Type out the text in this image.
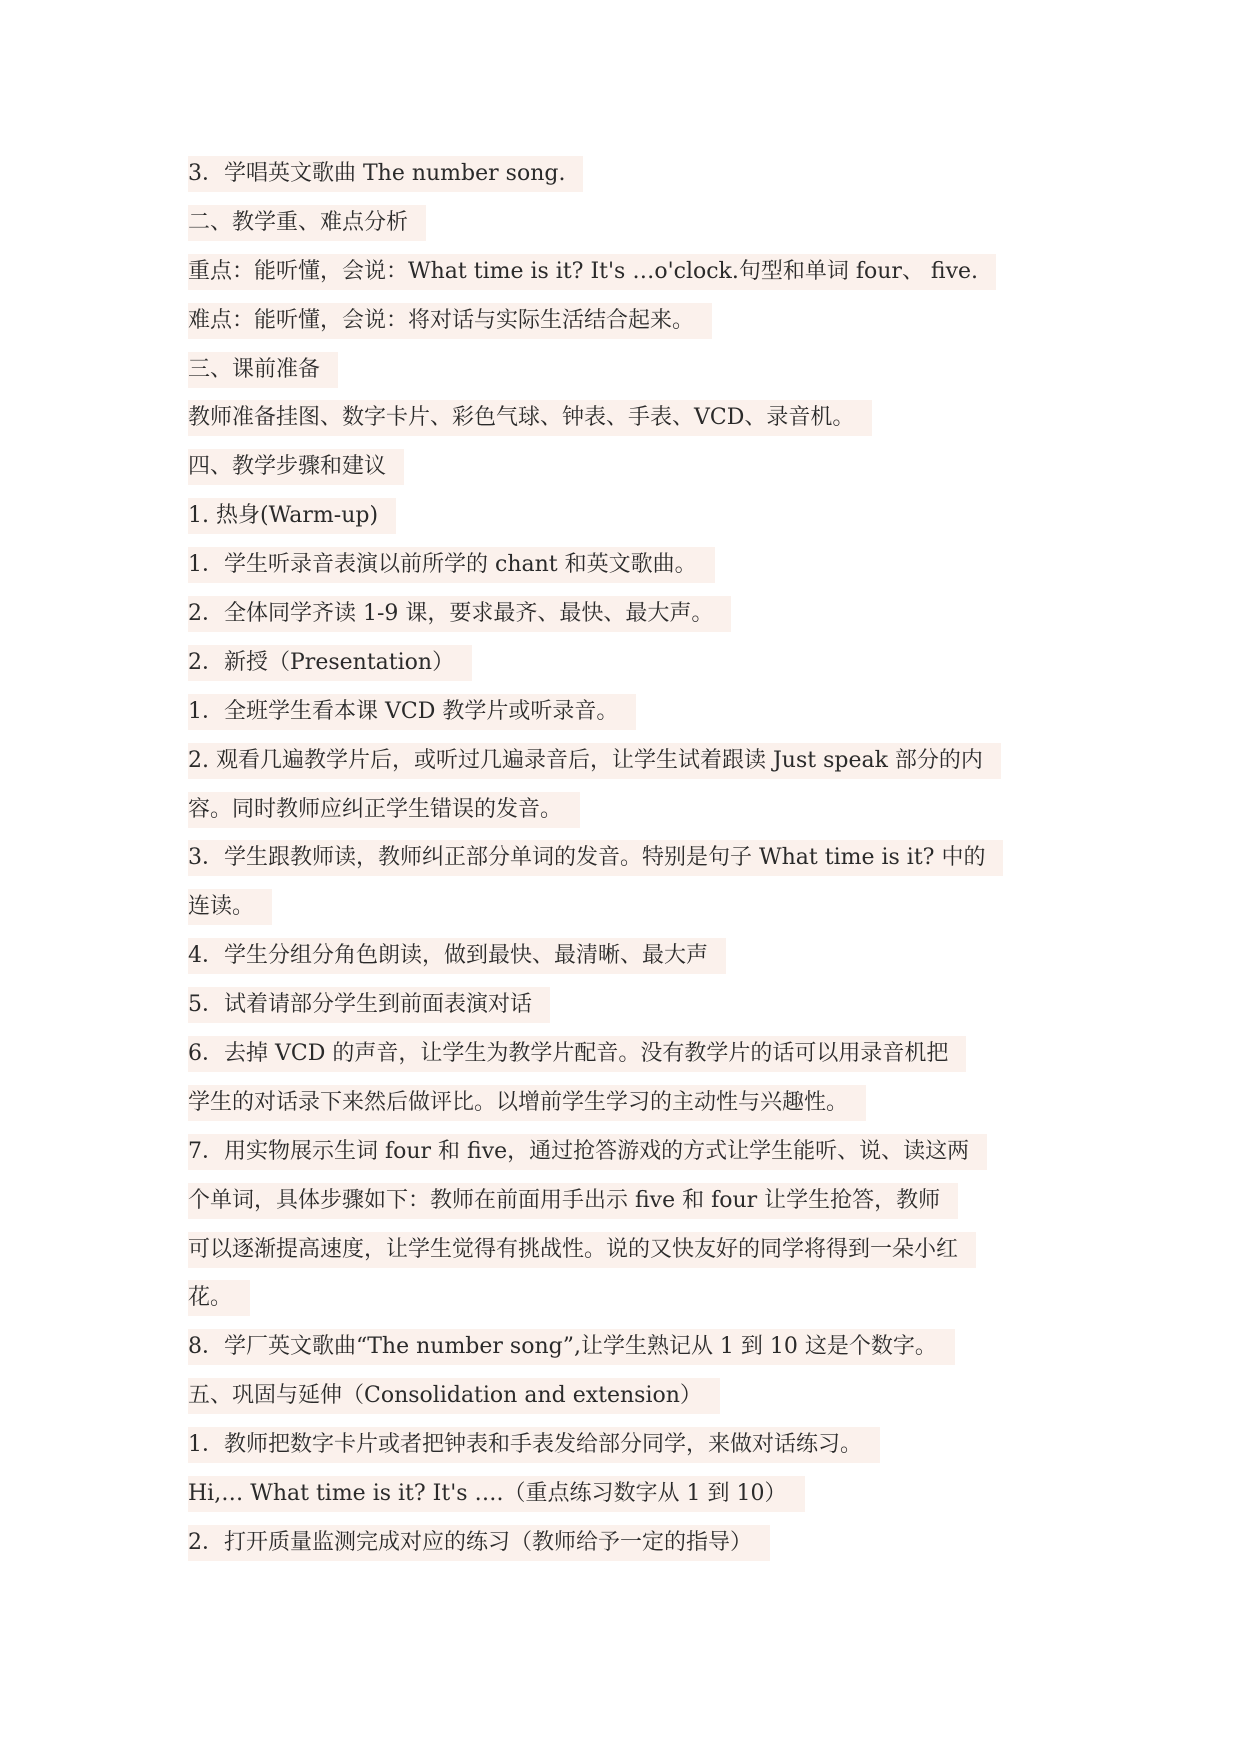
3．学唱英文歌曲 The number song.
二、教学重、难点分析
重点：能听懂，会说：What time is it? It's …o'clock.句型和单词 four、 five.
难点：能听懂，会说：将对话与实际生活结合起来。
三、课前准备
教师准备挂图、数字卡片、彩色气球、钟表、手表、VCD、录音机。
四、教学步骤和建议
1. 热身(Warm-up)
1．学生听录音表演以前所学的 chant 和英文歌曲。
2．全体同学齐读 1-9 课，要求最齐、最快、最大声。
2．新授（Presentation）
1．全班学生看本课 VCD 教学片或听录音。
2. 观看几遍教学片后，或听过几遍录音后，让学生试着跟读 Just speak 部分的内
容。同时教师应纠正学生错误的发音。
3．学生跟教师读，教师纠正部分单词的发音。特别是句子 What time is it? 中的
连读。
4．学生分组分角色朗读，做到最快、最清晰、最大声
5．试着请部分学生到前面表演对话
6．去掉 VCD 的声音，让学生为教学片配音。没有教学片的话可以用录音机把
学生的对话录下来然后做评比。以增前学生学习的主动性与兴趣性。
7．用实物展示生词 four 和 five，通过抢答游戏的方式让学生能听、说、读这两
个单词，具体步骤如下：教师在前面用手出示 five 和 four 让学生抢答，教师
可以逐渐提高速度，让学生觉得有挑战性。说的又快友好的同学将得到一朵小红
花。
8．学厂英文歌曲“The number song”,让学生熟记从 1 到 10 这是个数字。
五、巩固与延伸（Consolidation and extension）
1．教师把数字卡片或者把钟表和手表发给部分同学，来做对话练习。
Hi,… What time is it? It's ….（重点练习数字从 1 到 10）
2．打开质量监测完成对应的练习（教师给予一定的指导）
